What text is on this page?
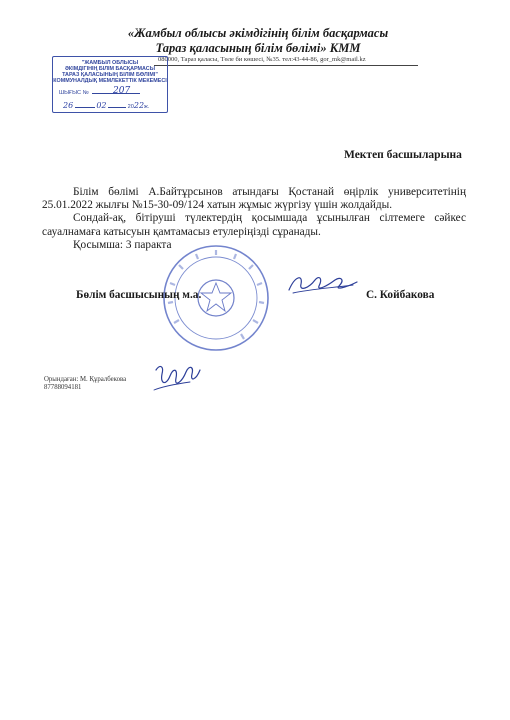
«Жамбыл облысы әкімдігінің білім басқармасы
Тараз қаласының білім бөлімі» КММ
080000, Тараз қаласы, Төле би көшесі, №35. тел:43-44-86, gor_mk@mail.kz
"ЖАМБЫЛ ОБЛЫСЫ
ӘКІМДІГІНІҢ БІЛІМ БАСҚАРМАСЫ
ТАРАЗ ҚАЛАСЫНЫҢ БІЛІМ БӨЛІМІ"
КОММУНАЛДЫҚ МЕМЛЕКЕТТІК МЕКЕМЕСІ
ШЫҒЫС №	207
26	02	2022ж.
Мектеп басшыларына

Білім бөлімі А.Байтұрсынов атындағы Қостанай өңірлік университетінің 25.01.2022 жылғы №15-30-09/124 хатын жұмыс жүргізу үшін жолдайды.

Сондай-ақ, бітіруші түлектердің қосымшада ұсынылған сілтемеге сәйкес сауалнамаға катысуын қамтамасыз етулеріңізді сұранады.

Қосымша: 3 паракта

Бөлім басшысының м.а.	С. Койбакова
Орындаған: М. Құралбекова
87788094181
